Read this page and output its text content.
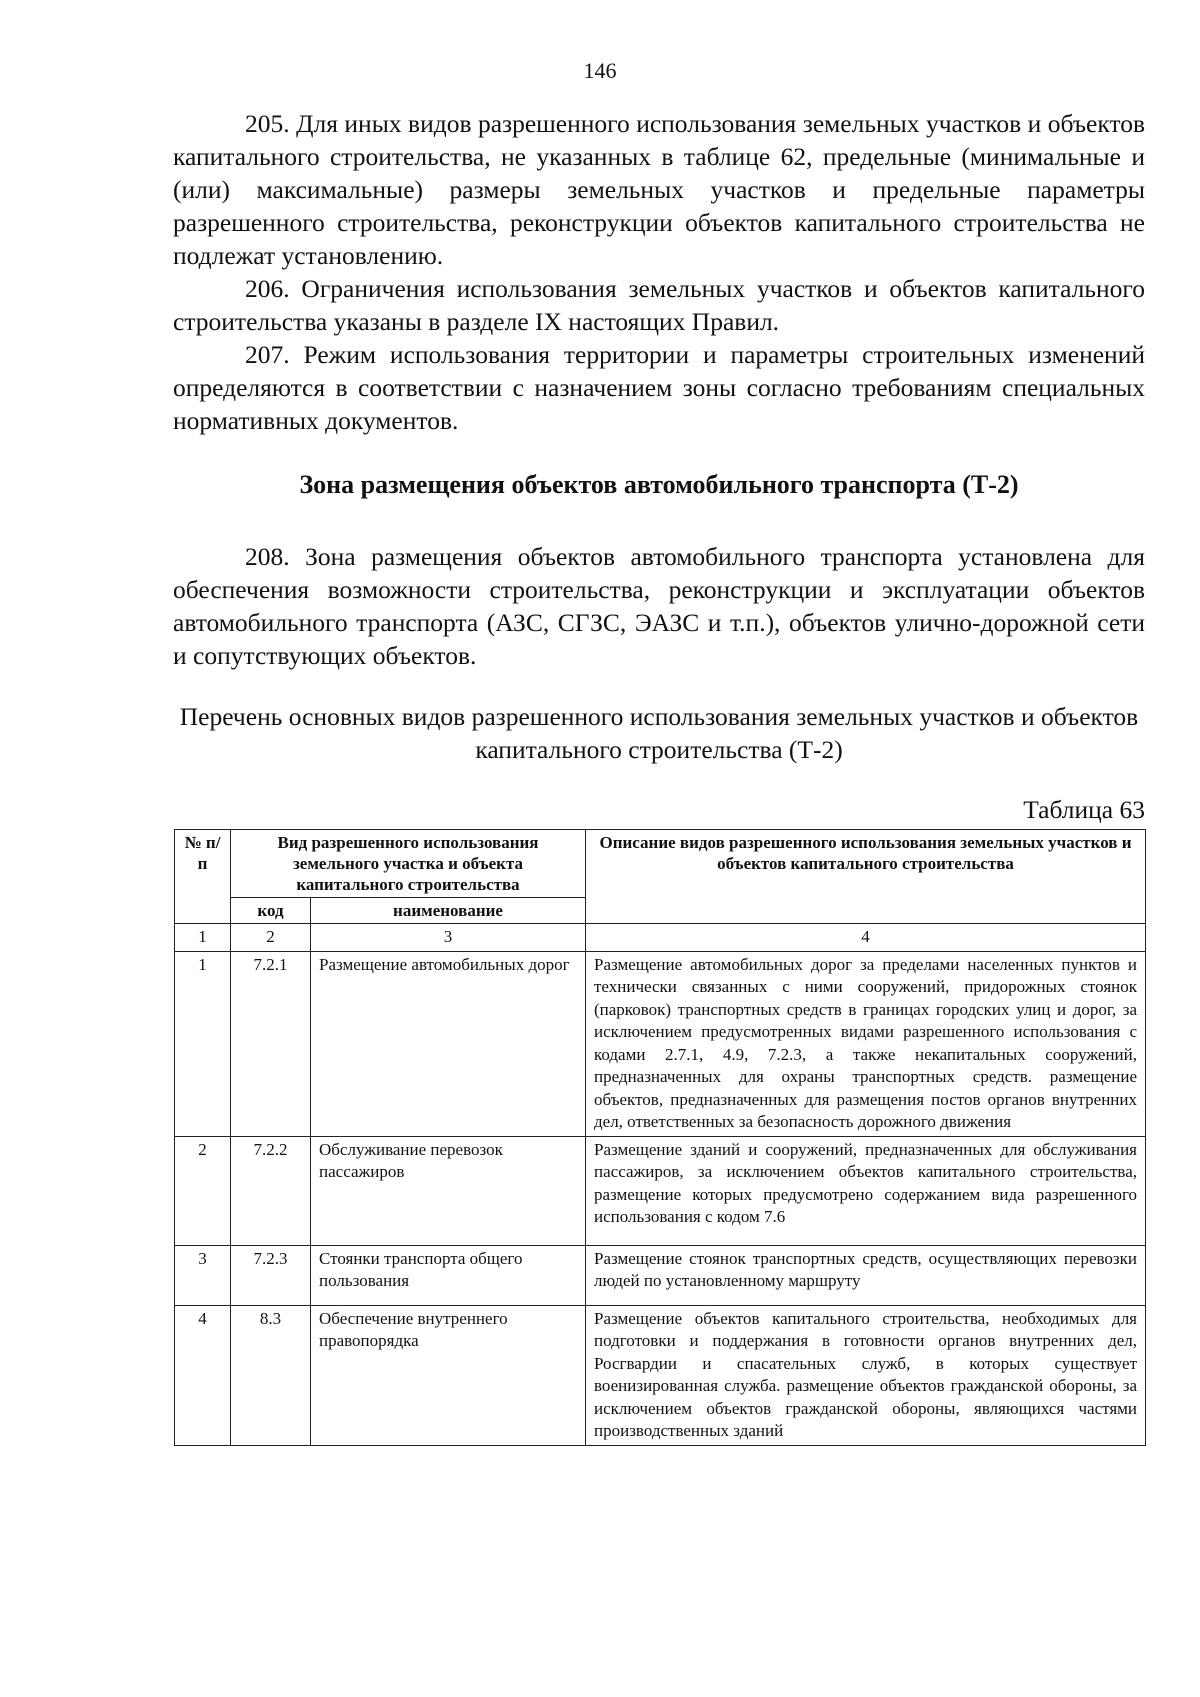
146

205. Для иных видов разрешенного использования земельных участков и объектов капитального строительства, не указанных в таблице 62, предельные (минимальные и (или) максимальные) размеры земельных участков и предельные параметры разрешенного строительства, реконструкции объектов капитального строительства не подлежат установлению.

206. Ограничения использования земельных участков и объектов капитального строительства указаны в разделе IX настоящих Правил.

207. Режим использования территории и параметры строительных изменений определяются в соответствии с назначением зоны согласно требованиям специальных нормативных документов.

Зона размещения объектов автомобильного транспорта (Т-2)

208. Зона размещения объектов автомобильного транспорта установлена для обеспечения возможности строительства, реконструкции и эксплуатации объектов автомобильного транспорта (АЗС, СГЗС, ЭАЗС и т.п.), объектов улично-дорожной сети и сопутствующих объектов.

Перечень основных видов разрешенного использования земельных участков и объектов капитального строительства (Т-2)
Таблица 63
№ п/п	Вид разрешенного использования земельного участка и объекта капитального строительства		Описание видов разрешенного использования земельных участков и объектов капитального строительства
	код	наименование	
1	2	3	4
1	7.2.1	Размещение автомобильных дорог	Размещение автомобильных дорог за пределами населенных пунктов и технически связанных с ними сооружений, придорожных стоянок (парковок) транспортных средств в границах городских улиц и дорог, за исключением предусмотренных видами разрешенного использования с кодами 2.7.1, 4.9, 7.2.3, а также некапитальных сооружений, предназначенных для охраны транспортных средств. размещение объектов, предназначенных для размещения постов органов внутренних дел, ответственных за безопасность дорожного движения
2	7.2.2	Обслуживание перевозок пассажиров	Размещение зданий и сооружений, предназначенных для обслуживания пассажиров, за исключением объектов капитального строительства, размещение которых предусмотрено содержанием вида разрешенного использования с кодом 7.6
3	7.2.3	Стоянки транспорта общего пользования	Размещение стоянок транспортных средств, осуществляющих перевозки людей по установленному маршруту
4	8.3	Обеспечение внутреннего правопорядка	Размещение объектов капитального строительства, необходимых для подготовки и поддержания в готовности органов внутренних дел, Росгвардии и спасательных служб, в которых существует военизированная служба. размещение объектов гражданской обороны, за исключением объектов гражданской обороны, являющихся частями производственных зданий
